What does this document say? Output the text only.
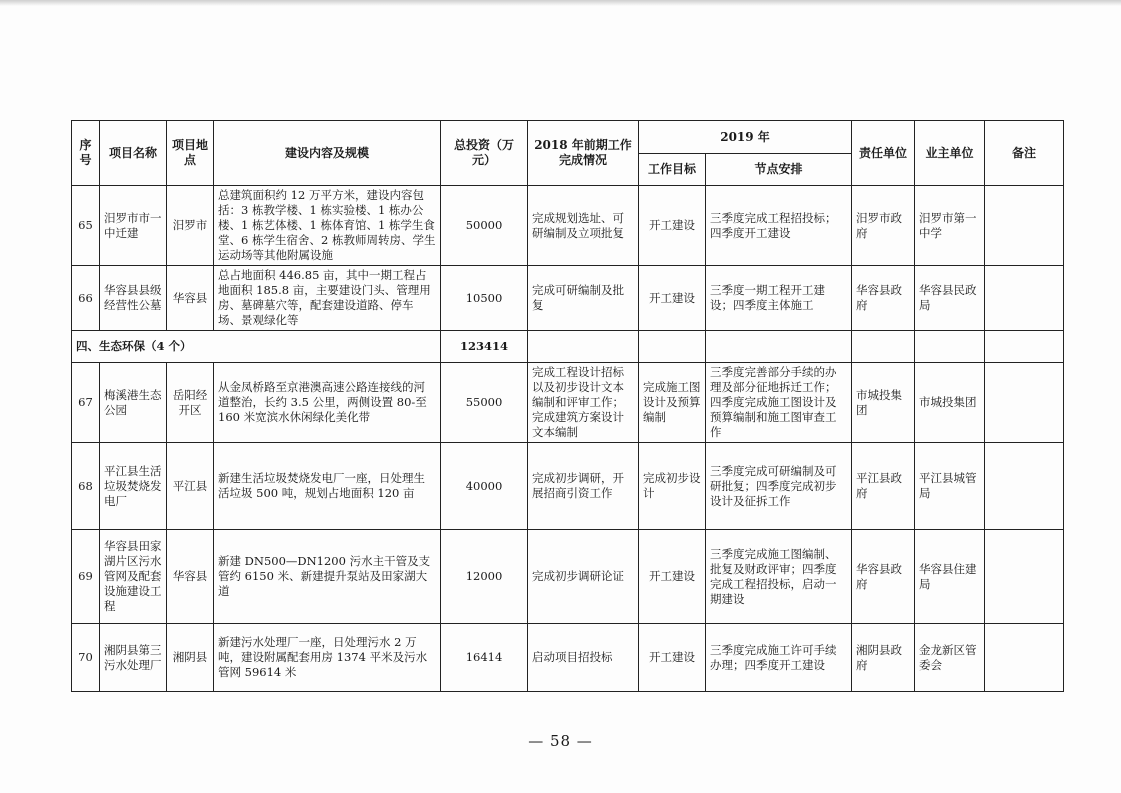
序号	项目名称	项目地点	建设内容及规模	总投资（万元）	2018 年前期工作完成情况	2019 年		责任单位	业主单位	备注
						工作目标	节点安排			
65	汨罗市市一中迁建	汨罗市	总建筑面积约 12 万平方米，建设内容包括：3 栋教学楼、1 栋实验楼、1 栋办公楼、1 栋艺体楼、1 栋体育馆、1 栋学生食堂、6 栋学生宿舍、2 栋教师周转房、学生运动场等其他附属设施	50000	完成规划选址、可研编制及立项批复	开工建设	三季度完成工程招投标；四季度开工建设	汨罗市政府	汨罗市第一中学	
66	华容县县级经营性公墓	华容县	总占地面积 446.85 亩，其中一期工程占地面积 185.8 亩，主要建设门头、管理用房、墓碑墓穴等，配套建设道路、停车场、景观绿化等	10500	完成可研编制及批复	开工建设	三季度一期工程开工建设；四季度主体施工	华容县政府	华容县民政局	
四、生态环保（4 个）				123414						
67	梅溪港生态公园	岳阳经开区	从金凤桥路至京港澳高速公路连接线的河道整治，长约 3.5 公里，两侧设置 80-至 160 米宽滨水休闲绿化美化带	55000	完成工程设计招标以及初步设计文本编制和评审工作；完成建筑方案设计文本编制	完成施工图设计及预算编制	三季度完善部分手续的办理及部分征地拆迁工作；四季度完成施工图设计及预算编制和施工图审查工作	市城投集团	市城投集团	
68	平江县生活垃圾焚烧发电厂	平江县	新建生活垃圾焚烧发电厂一座，日处理生活垃圾 500 吨，规划占地面积 120 亩	40000	完成初步调研，开展招商引资工作	完成初步设计	三季度完成可研编制及可研批复；四季度完成初步设计及征拆工作	平江县政府	平江县城管局	
69	华容县田家湖片区污水管网及配套设施建设工程	华容县	新建 DN500—DN1200 污水主干管及支管约 6150 米、新建提升泵站及田家湖大道	12000	完成初步调研论证	开工建设	三季度完成施工图编制、批复及财政评审；四季度完成工程招投标，启动一期建设	华容县政府	华容县住建局	
70	湘阴县第三污水处理厂	湘阴县	新建污水处理厂一座，日处理污水 2 万吨，建设附属配套用房 1374 平米及污水管网 59614 米	16414	启动项目招投标	开工建设	三季度完成施工许可手续办理；四季度开工建设	湘阴县政府	金龙新区管委会	
— 58 —
